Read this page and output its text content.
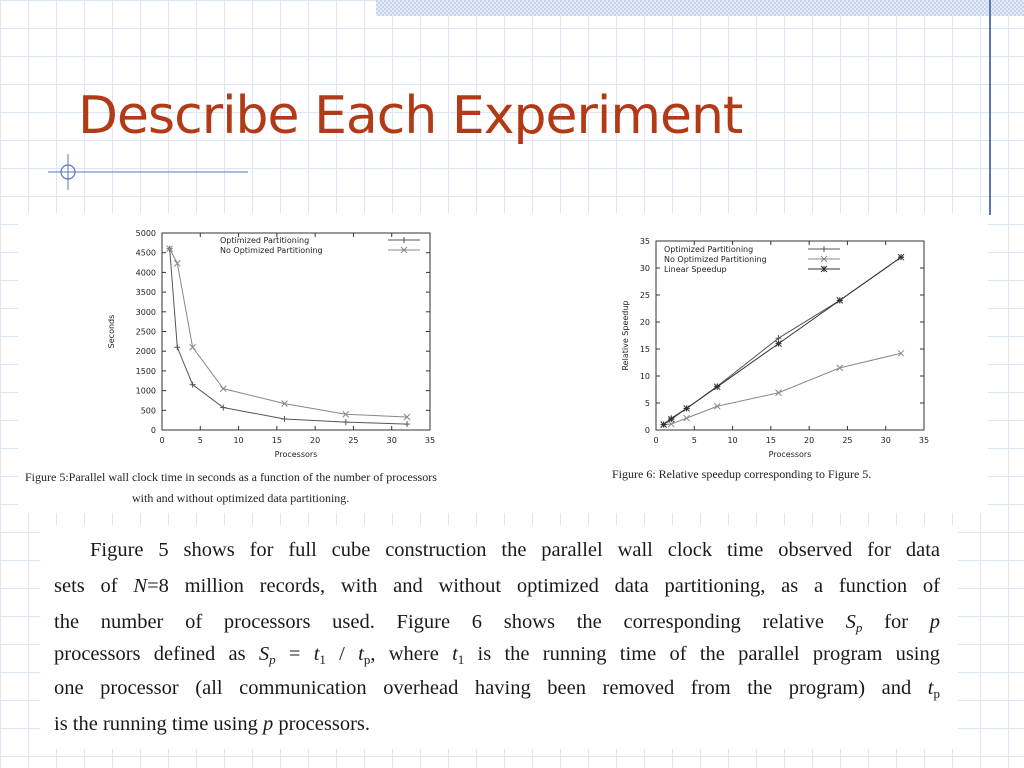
Describe Each Experiment
0	5	10	15	20	25	30	35
0
500
1000
1500
2000
2500
3000
3500
4000
4500
5000
Processors
Seconds
Optimized Partitioning
No Optimized Partitioning
Figure 5:Parallel wall clock time in seconds as a function of the number of processors
with and without optimized data partitioning.
0	5	10	15	20	25	30	35
0
5
10
15
20
25
30
35
Processors
Relative Speedup
Optimized Partitioning
No Optimized Partitioning
Linear Speedup
Figure 6: Relative speedup corresponding to Figure 5.
Figure 5 shows for full cube construction the parallel wall clock time observed for data
sets of N=8 million records, with and without optimized data partitioning, as a function of
the number of processors used. Figure 6 shows the corresponding relative $S_p$ for p
processors defined as $S_p = t_1 / t_p$, where $t_1$ is the running time of the parallel program using
one processor (all communication overhead having been removed from the program) and $t_p$
is the running time using p processors.
